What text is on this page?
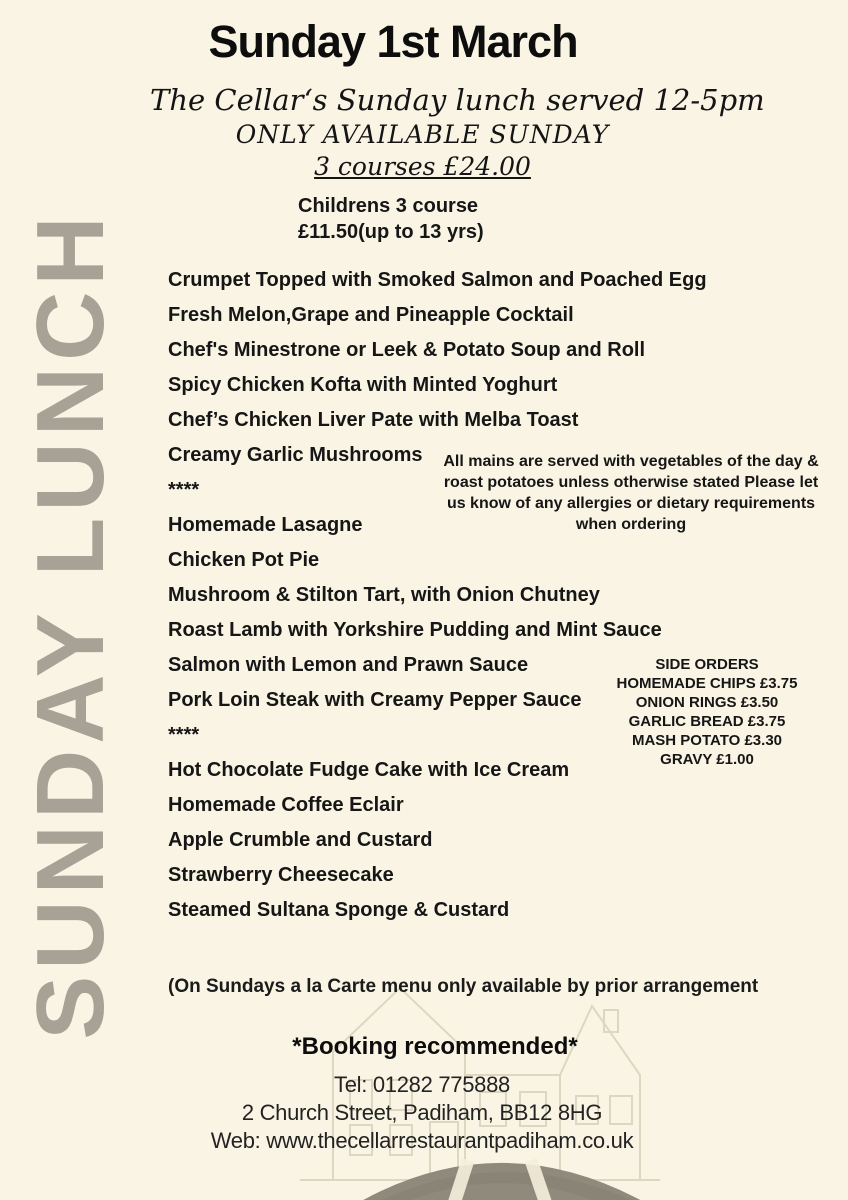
SUNDAY LUNCH
Sunday 1st March
The Cellar‘s Sunday lunch served 12-5pm
ONLY AVAILABLE SUNDAY
3 courses £24.00
Childrens 3 course
£11.50(up to 13 yrs)
Crumpet Topped with Smoked Salmon and Poached Egg
Fresh Melon,Grape and Pineapple Cocktail
Chef's Minestrone or Leek & Potato Soup and Roll
Spicy Chicken Kofta with Minted Yoghurt
Chef’s Chicken Liver Pate with Melba Toast
Creamy Garlic Mushrooms
****
Homemade Lasagne
Chicken Pot Pie
Mushroom & Stilton Tart, with Onion Chutney
Roast Lamb with Yorkshire Pudding and Mint Sauce
Salmon with Lemon and Prawn Sauce
Pork Loin Steak with Creamy Pepper Sauce
****
Hot Chocolate Fudge Cake with Ice Cream
Homemade Coffee Eclair
Apple Crumble and Custard
Strawberry Cheesecake
Steamed Sultana Sponge & Custard
All mains are served with vegetables of the day & roast potatoes unless otherwise stated Please let us know of any allergies or dietary requirements when ordering
SIDE ORDERS
HOMEMADE CHIPS £3.75
ONION RINGS £3.50
GARLIC BREAD £3.75
MASH POTATO £3.30
GRAVY £1.00
(On Sundays a la Carte menu only available by prior arrangement
*Booking recommended*
Tel: 01282 775888
2 Church Street, Padiham, BB12 8HG
Web: www.thecellarrestaurantpadiham.co.uk
